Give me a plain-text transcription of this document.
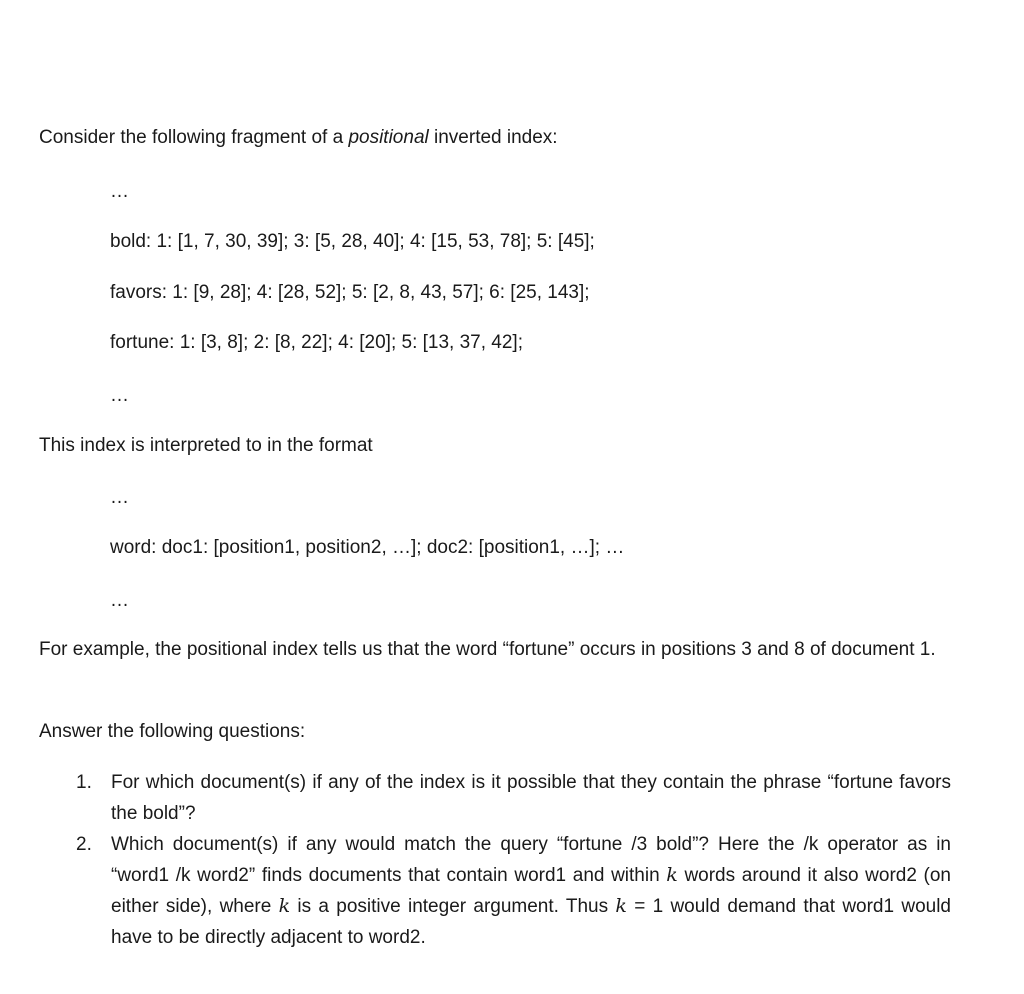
Consider the following fragment of a positional inverted index:
…
bold: 1: [1, 7, 30, 39]; 3: [5, 28, 40]; 4: [15, 53, 78]; 5: [45];
favors: 1: [9, 28]; 4: [28, 52]; 5: [2, 8, 43, 57]; 6: [25, 143];
fortune: 1: [3, 8]; 2: [8, 22]; 4: [20]; 5: [13, 37, 42];
…
This index is interpreted to in the format
…
word: doc1: [position1, position2, …]; doc2: [position1, …]; …
…
For example, the positional index tells us that the word “fortune” occurs in positions 3 and 8 of document 1.
Answer the following questions:
1. For which document(s) if any of the index is it possible that they contain the phrase “fortune favors the bold”?
2. Which document(s) if any would match the query “fortune /3 bold”? Here the /k operator as in “word1 /k word2” finds documents that contain word1 and within k words around it also word2 (on either side), where k is a positive integer argument. Thus k = 1 would demand that word1 would have to be directly adjacent to word2.
